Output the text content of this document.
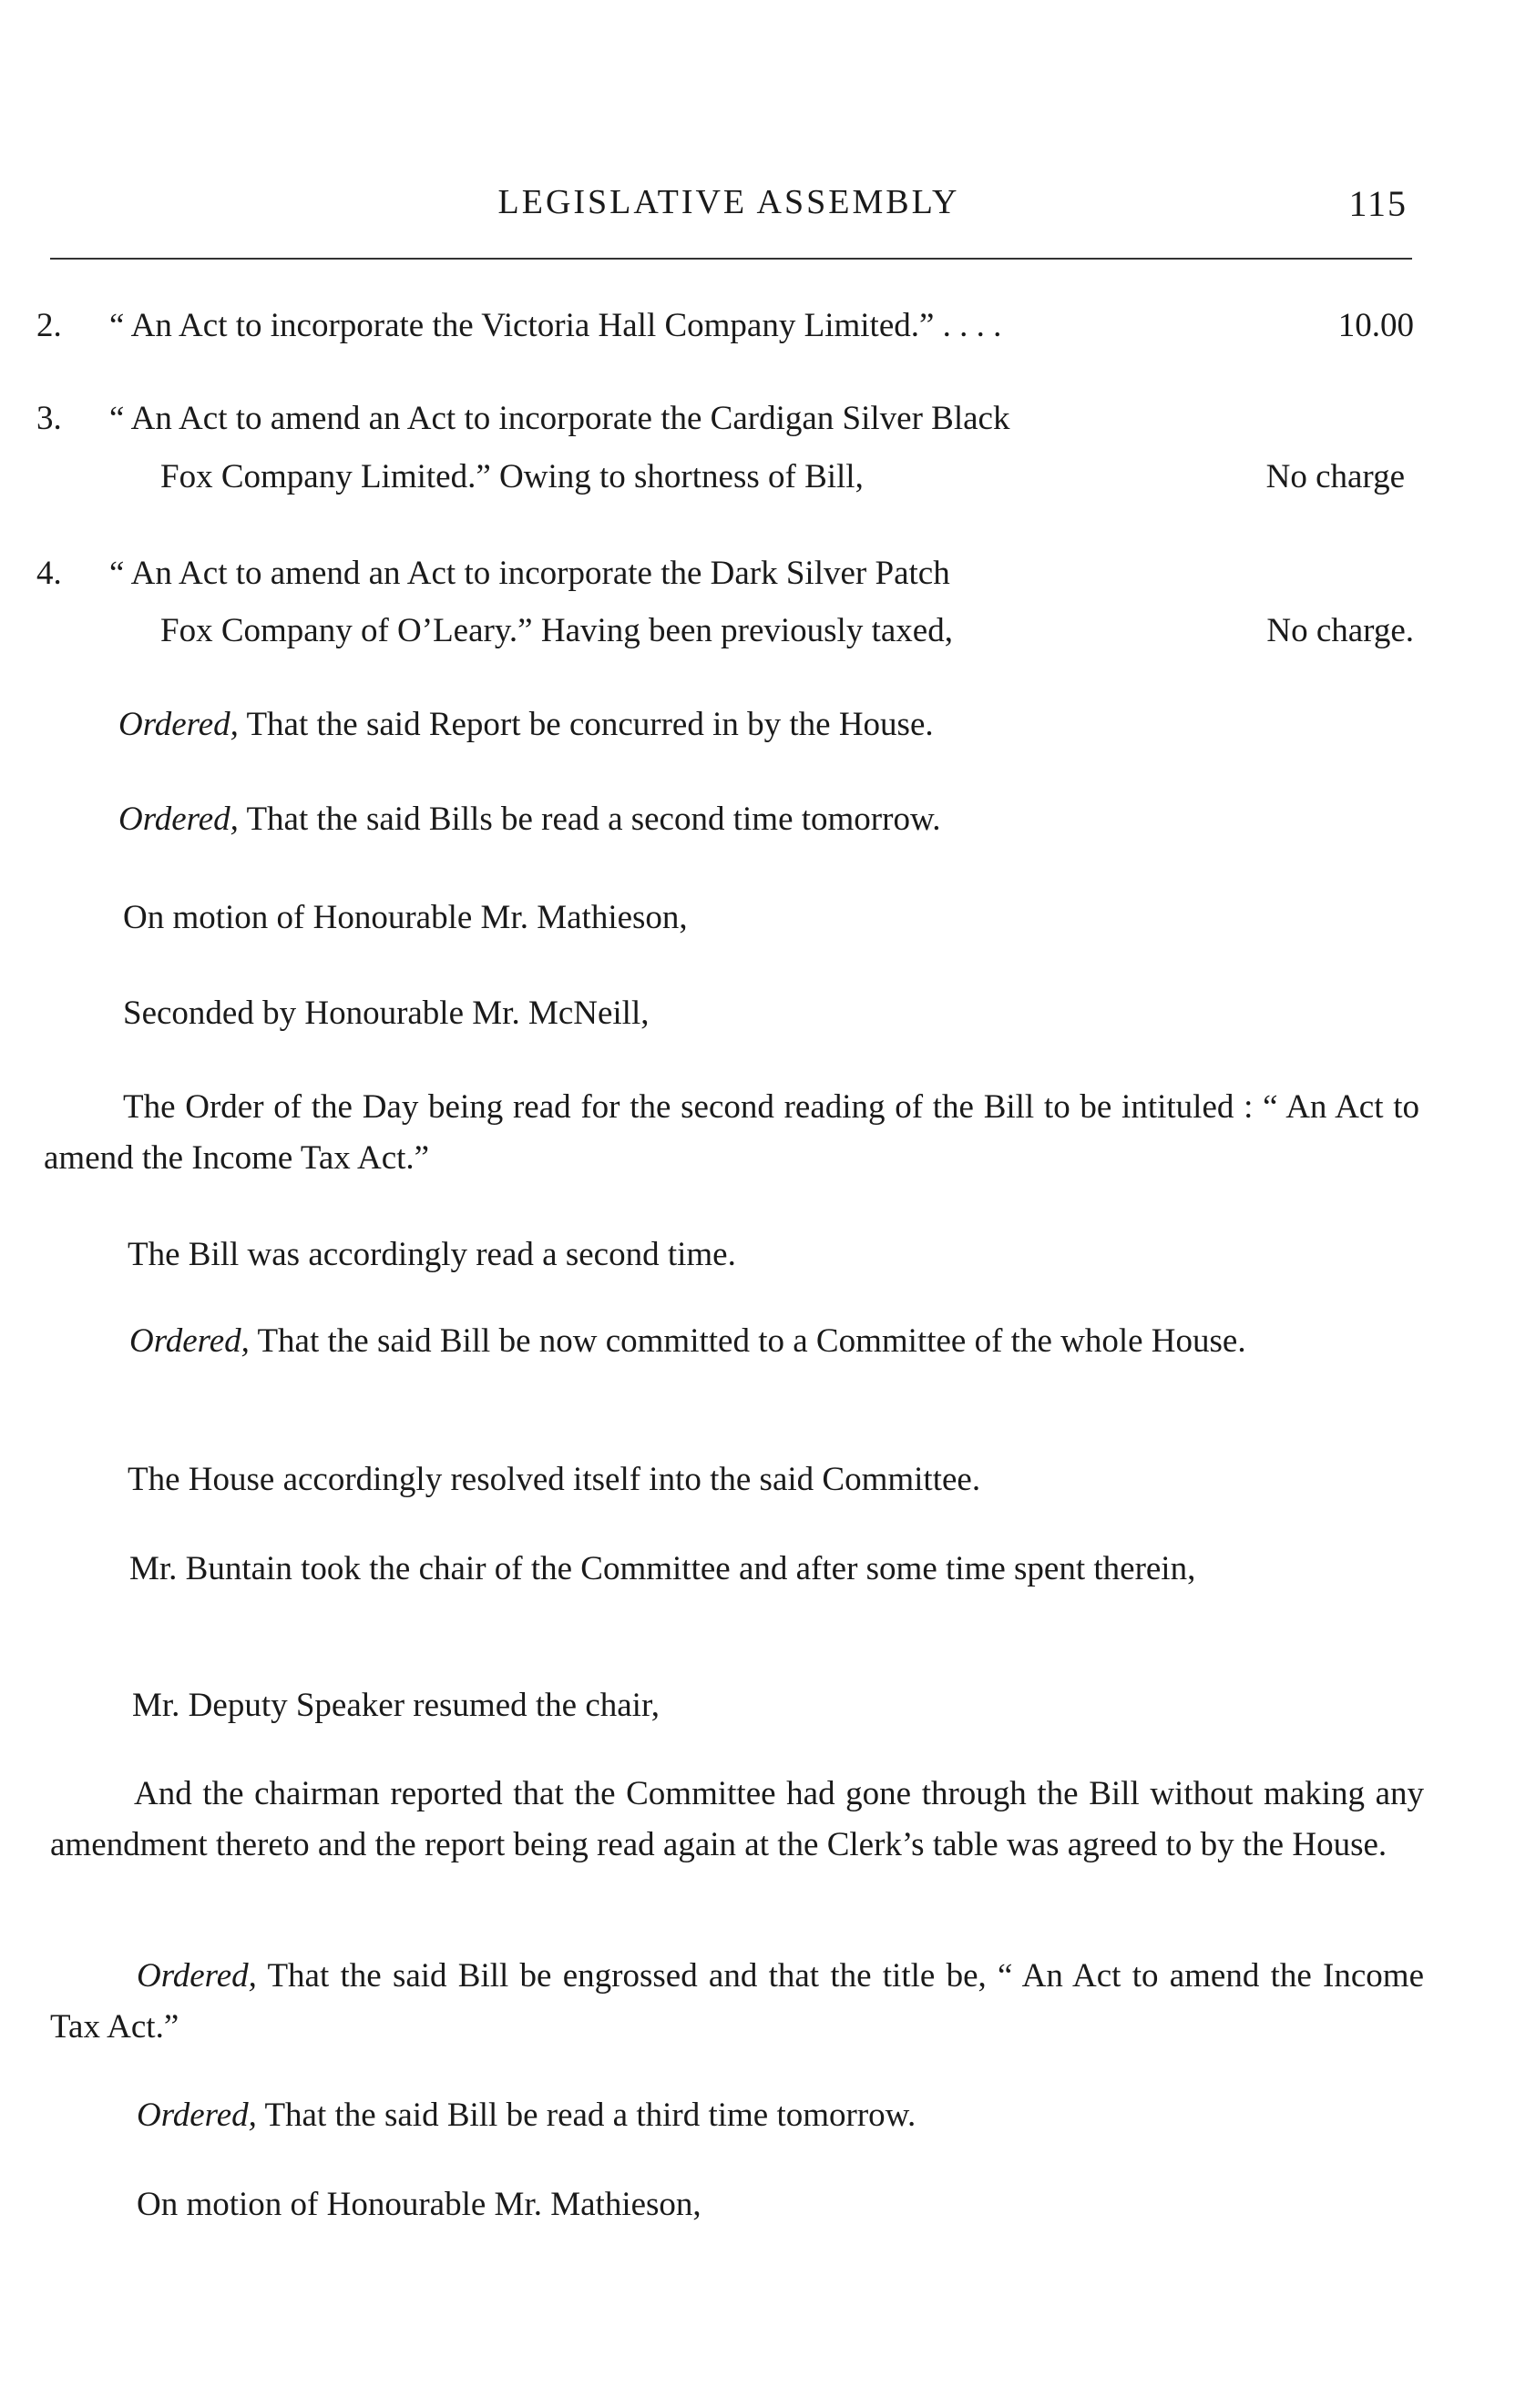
LEGISLATIVE ASSEMBLY	115
2. “ An Act to incorporate the Victoria Hall Company Limited.” . . . .	10.00
3. “ An Act to amend an Act to incorporate the Cardigan Silver Black
Fox Company Limited.” Owing to shortness of Bill,	No charge
4. “ An Act to amend an Act to incorporate the Dark Silver Patch
Fox Company of O’Leary.” Having been previously taxed,	No charge.
Ordered, That the said Report be concurred in by the House.
Ordered, That the said Bills be read a second time tomorrow.
On motion of Honourable Mr. Mathieson,
Seconded by Honourable Mr. McNeill,
The Order of the Day being read for the second reading of the Bill to be intituled : “ An Act to amend the Income Tax Act.”
The Bill was accordingly read a second time.
Ordered, That the said Bill be now committed to a Committee of the whole House.
The House accordingly resolved itself into the said Committee.
Mr. Buntain took the chair of the Committee and after some time spent therein,
Mr. Deputy Speaker resumed the chair,
And the chairman reported that the Committee had gone through the Bill without making any amendment thereto and the report being read again at the Clerk’s table was agreed to by the House.
Ordered, That the said Bill be engrossed and that the title be, “ An Act to amend the Income Tax Act.”
Ordered, That the said Bill be read a third time tomorrow.
On motion of Honourable Mr. Mathieson,
